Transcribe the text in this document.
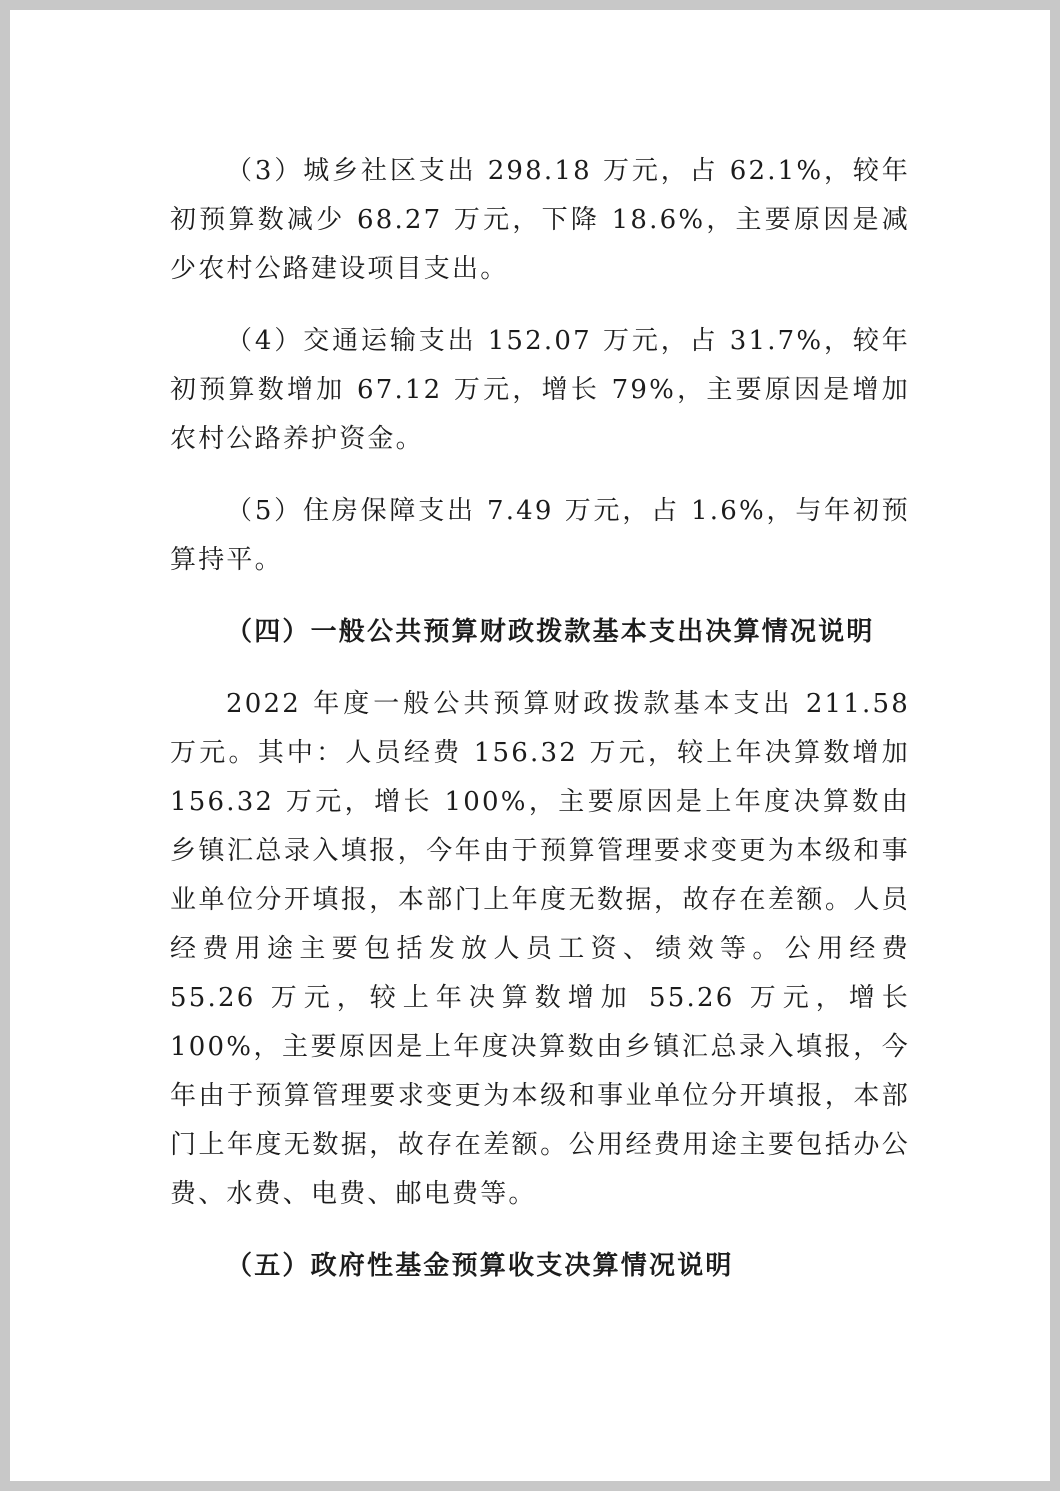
（3）城乡社区支出 298.18 万元，占 62.1%，较年初预算数减少 68.27 万元，下降 18.6%，主要原因是减少农村公路建设项目支出。

（4）交通运输支出 152.07 万元，占 31.7%，较年初预算数增加 67.12 万元，增长 79%，主要原因是增加农村公路养护资金。

（5）住房保障支出 7.49 万元，占 1.6%，与年初预算持平。

（四）一般公共预算财政拨款基本支出决算情况说明

2022 年度一般公共预算财政拨款基本支出 211.58 万元。其中：人员经费 156.32 万元，较上年决算数增加 156.32 万元，增长 100%，主要原因是上年度决算数由乡镇汇总录入填报，今年由于预算管理要求变更为本级和事业单位分开填报，本部门上年度无数据，故存在差额。人员经费用途主要包括发放人员工资、绩效等。公用经费 55.26 万元，较上年决算数增加 55.26 万元，增长 100%，主要原因是上年度决算数由乡镇汇总录入填报，今年由于预算管理要求变更为本级和事业单位分开填报，本部门上年度无数据，故存在差额。公用经费用途主要包括办公费、水费、电费、邮电费等。

（五）政府性基金预算收支决算情况说明
